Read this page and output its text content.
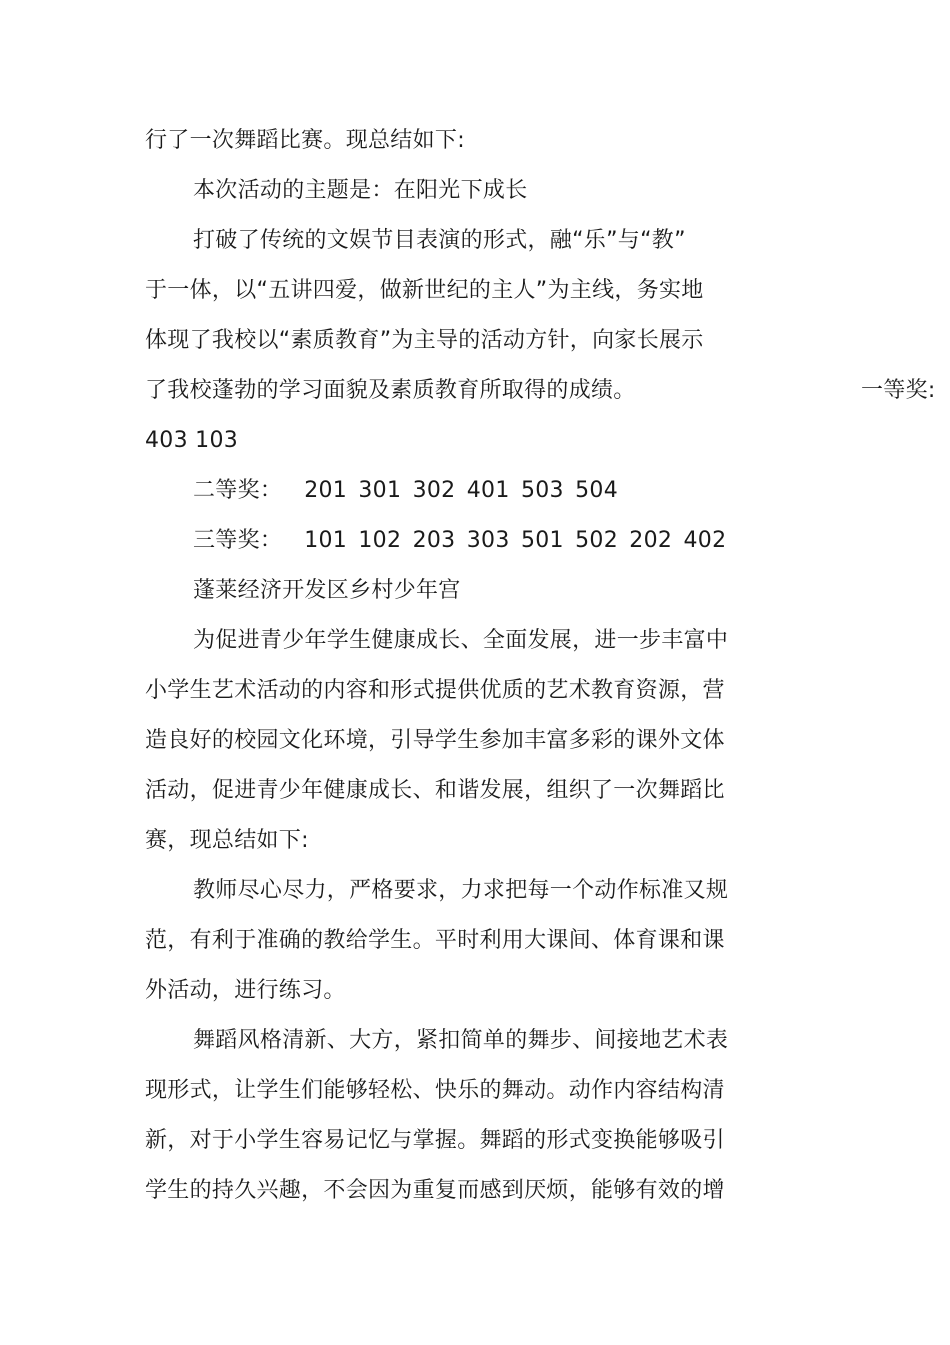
行了一次舞蹈比赛。现总结如下:
本次活动的主题是：在阳光下成长
打破了传统的文娱节目表演的形式，融“乐”与“教”
于一体，以“五讲四爱，做新世纪的主人”为主线，务实地
体现了我校以“素质教育”为主导的活动方针，向家长展示
了我校蓬勃的学习面貌及素质教育所取得的成绩。	一等奖:
403 103
二等奖： 201 301 302 401 503 504
三等奖： 101 102 203 303 501 502 202 402
蓬莱经济开发区乡村少年宫
为促进青少年学生健康成长、全面发展，进一步丰富中
小学生艺术活动的内容和形式提供优质的艺术教育资源，营
造良好的校园文化环境，引导学生参加丰富多彩的课外文体
活动，促进青少年健康成长、和谐发展，组织了一次舞蹈比
赛，现总结如下:
教师尽心尽力，严格要求，力求把每一个动作标准又规
范，有利于准确的教给学生。平时利用大课间、体育课和课
外活动，进行练习。
舞蹈风格清新、大方，紧扣简单的舞步、间接地艺术表
现形式，让学生们能够轻松、快乐的舞动。动作内容结构清
新，对于小学生容易记忆与掌握。舞蹈的形式变换能够吸引
学生的持久兴趣，不会因为重复而感到厌烦，能够有效的增
